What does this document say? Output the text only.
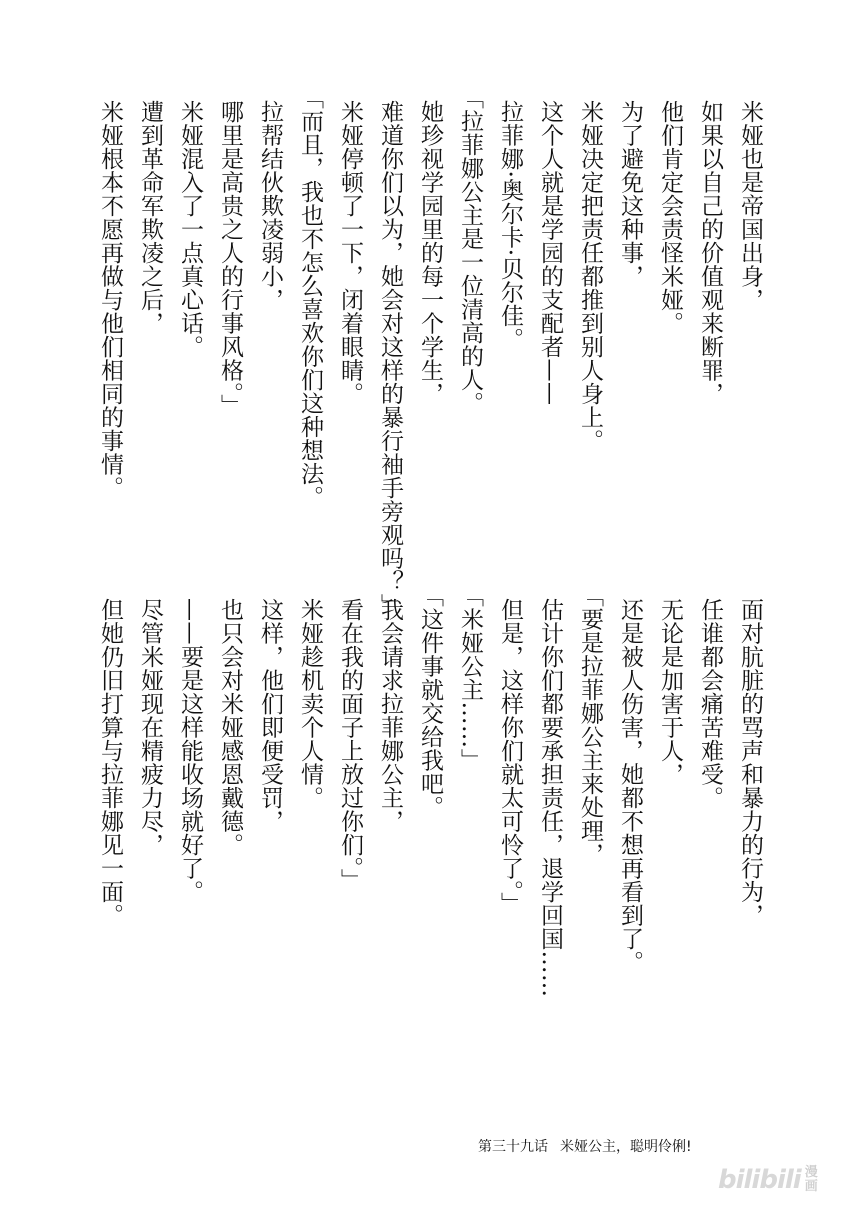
米娅也是帝国出身，
如果以自己的价值观来断罪，
他们肯定会责怪米娅。
为了避免这种事，
米娅决定把责任都推到别人身上。
这个人就是学园的支配者——
拉菲娜·奥尔卡·贝尔佳。
「拉菲娜公主是一位清高的人。
她珍视学园里的每一个学生，
难道你们以为，她会对这样的暴行袖手旁观吗？」
米娅停顿了一下，闭着眼睛。
「而且，我也不怎么喜欢你们这种想法。
拉帮结伙欺凌弱小，
哪里是高贵之人的行事风格。」
米娅混入了一点真心话。
遭到革命军欺凌之后，
米娅根本不愿再做与他们相同的事情。
面对肮脏的骂声和暴力的行为，
任谁都会痛苦难受。
无论是加害于人，
还是被人伤害，她都不想再看到了。
「要是拉菲娜公主来处理，
估计你们都要承担责任，退学回国……
但是，这样你们就太可怜了。」
「米娅公主……」
「这件事就交给我吧。
我会请求拉菲娜公主，
看在我的面子上放过你们。」
米娅趁机卖个人情。
这样，他们即便受罚，
也只会对米娅感恩戴德。
——要是这样能收场就好了。
尽管米娅现在精疲力尽，
但她仍旧打算与拉菲娜见一面。
第三十九话 米娅公主，聪明伶俐!
bilibili 漫
画
